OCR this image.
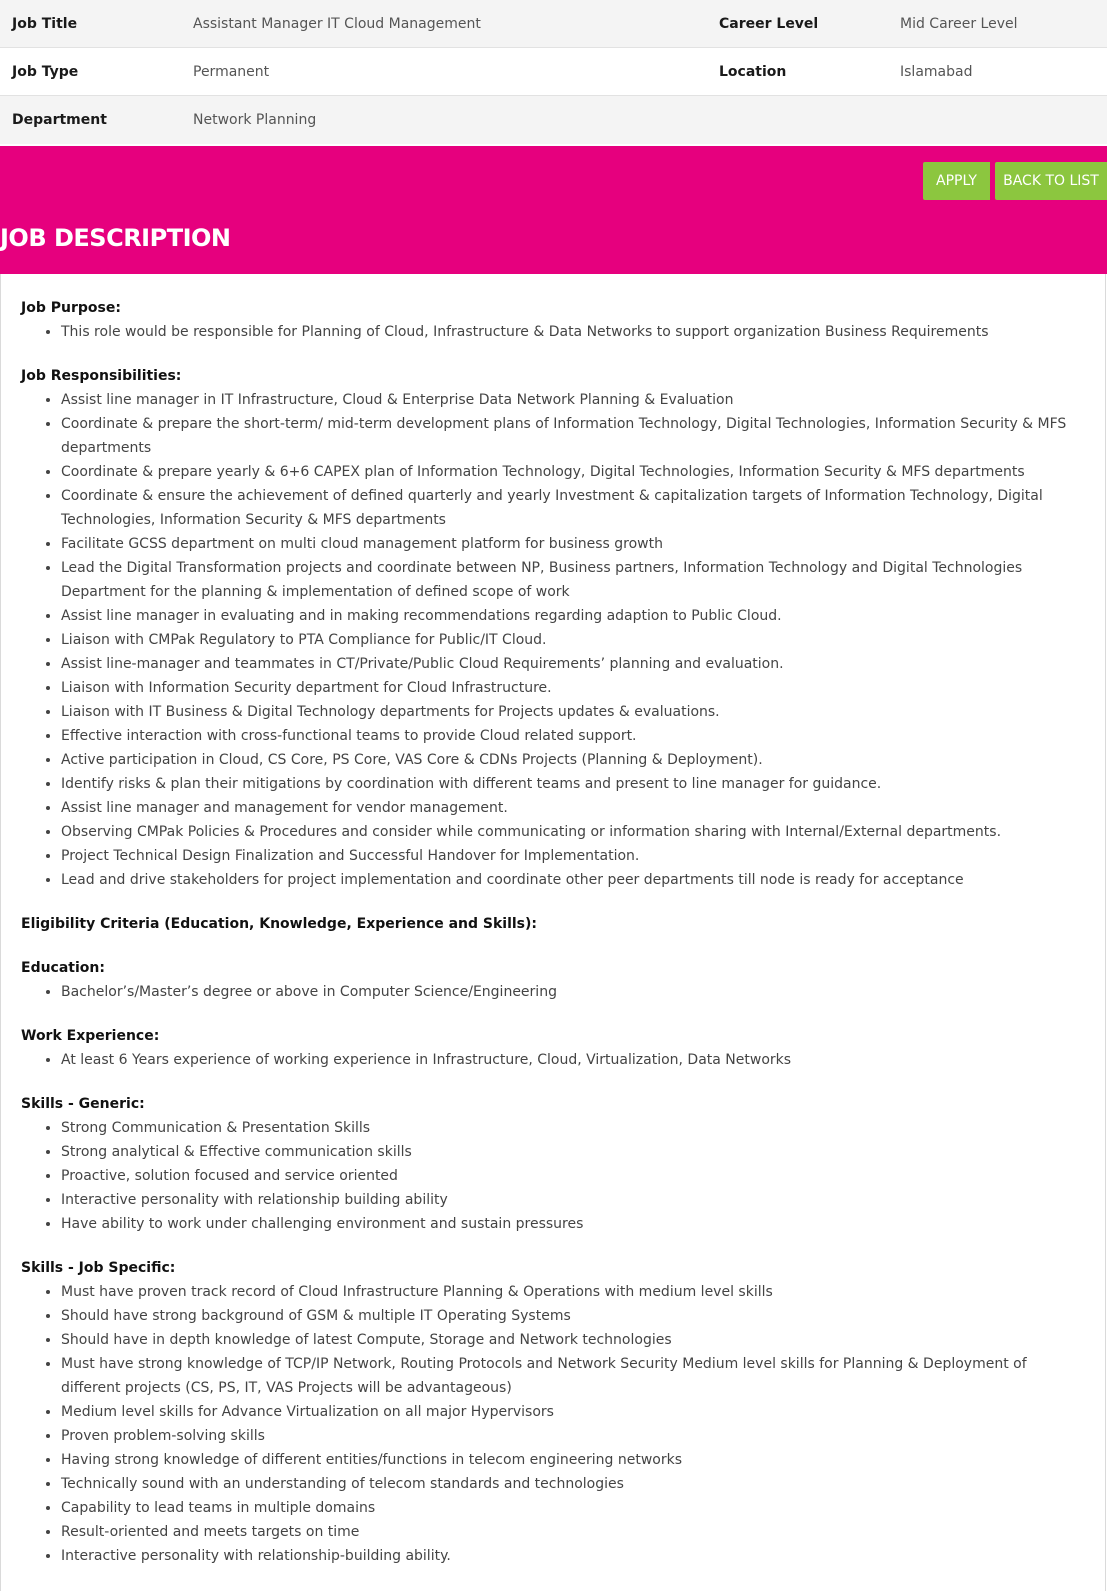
Job Title	Assistant Manager IT Cloud Management	Career Level	Mid Career Level
Job Type	Permanent	Location	Islamabad
Department	Network Planning
APPLY	BACK TO LIST
JOB DESCRIPTION
Job Purpose:
• This role would be responsible for Planning of Cloud, Infrastructure & Data Networks to support organization Business Requirements
Job Responsibilities:
• Assist line manager in IT Infrastructure, Cloud & Enterprise Data Network Planning & Evaluation
• Coordinate & prepare the short-term/ mid-term development plans of Information Technology, Digital Technologies, Information Security & MFS departments
• Coordinate & prepare yearly & 6+6 CAPEX plan of Information Technology, Digital Technologies, Information Security & MFS departments
• Coordinate & ensure the achievement of defined quarterly and yearly Investment & capitalization targets of Information Technology, Digital Technologies, Information Security & MFS departments
• Facilitate GCSS department on multi cloud management platform for business growth
• Lead the Digital Transformation projects and coordinate between NP, Business partners, Information Technology and Digital Technologies Department for the planning & implementation of defined scope of work
• Assist line manager in evaluating and in making recommendations regarding adaption to Public Cloud.
• Liaison with CMPak Regulatory to PTA Compliance for Public/IT Cloud.
• Assist line-manager and teammates in CT/Private/Public Cloud Requirements’ planning and evaluation.
• Liaison with Information Security department for Cloud Infrastructure.
• Liaison with IT Business & Digital Technology departments for Projects updates & evaluations.
• Effective interaction with cross-functional teams to provide Cloud related support.
• Active participation in Cloud, CS Core, PS Core, VAS Core & CDNs Projects (Planning & Deployment).
• Identify risks & plan their mitigations by coordination with different teams and present to line manager for guidance.
• Assist line manager and management for vendor management.
• Observing CMPak Policies & Procedures and consider while communicating or information sharing with Internal/External departments.
• Project Technical Design Finalization and Successful Handover for Implementation.
• Lead and drive stakeholders for project implementation and coordinate other peer departments till node is ready for acceptance
Eligibility Criteria (Education, Knowledge, Experience and Skills):
Education:
• Bachelor’s/Master’s degree or above in Computer Science/Engineering
Work Experience:
• At least 6 Years experience of working experience in Infrastructure, Cloud, Virtualization, Data Networks
Skills - Generic:
• Strong Communication & Presentation Skills
• Strong analytical & Effective communication skills
• Proactive, solution focused and service oriented
• Interactive personality with relationship building ability
• Have ability to work under challenging environment and sustain pressures
Skills - Job Specific:
• Must have proven track record of Cloud Infrastructure Planning & Operations with medium level skills
• Should have strong background of GSM & multiple IT Operating Systems
• Should have in depth knowledge of latest Compute, Storage and Network technologies
• Must have strong knowledge of TCP/IP Network, Routing Protocols and Network Security Medium level skills for Planning & Deployment of different projects (CS, PS, IT, VAS Projects will be advantageous)
• Medium level skills for Advance Virtualization on all major Hypervisors
• Proven problem-solving skills
• Having strong knowledge of different entities/functions in telecom engineering networks
• Technically sound with an understanding of telecom standards and technologies
• Capability to lead teams in multiple domains
• Result-oriented and meets targets on time
• Interactive personality with relationship-building ability.
